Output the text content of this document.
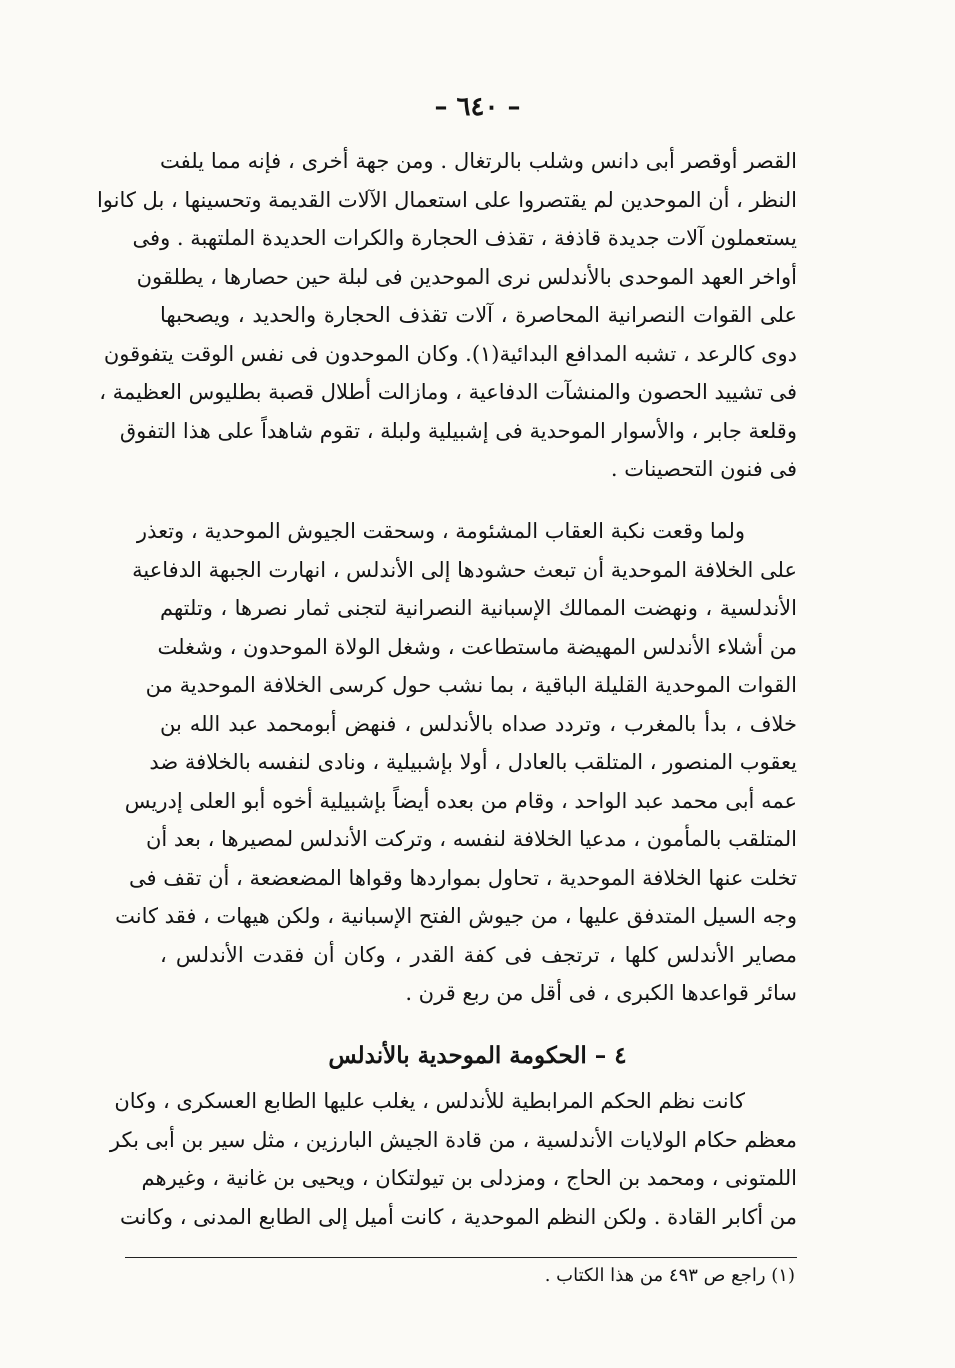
– ٦٤٠ –
القصر أوقصر أبى دانس وشلب بالرتغال . ومن جهة أخرى ، فإنه مما يلفت
النظر ، أن الموحدين لم يقتصروا على استعمال الآلات القديمة وتحسينها ، بل كانوا
يستعملون آلات جديدة قاذفة ، تقذف الحجارة والكرات الحديدة الملتهبة . وفى
أواخر العهد الموحدى بالأندلس نرى الموحدين فى لبلة حين حصارها ، يطلقون
على القوات النصرانية المحاصرة ، آلات تقذف الحجارة والحديد ، ويصحبها
دوى كالرعد ، تشبه المدافع البدائية(١). وكان الموحدون فى نفس الوقت يتفوقون
فى تشييد الحصون والمنشآت الدفاعية ، ومازالت أطلال قصبة بطليوس العظيمة ،
وقلعة جابر ، والأسوار الموحدية فى إشبيلية ولبلة ، تقوم شاهداً على هذا التفوق
فى فنون التحصينات .
ولما وقعت نكبة العقاب المشئومة ، وسحقت الجيوش الموحدية ، وتعذر
على الخلافة الموحدية أن تبعث حشودها إلى الأندلس ، انهارت الجبهة الدفاعية
الأندلسية ، ونهضت الممالك الإسبانية النصرانية لتجنى ثمار نصرها ، وتلتهم
من أشلاء الأندلس المهيضة ماستطاعت ، وشغل الولاة الموحدون ، وشغلت
القوات الموحدية القليلة الباقية ، بما نشب حول كرسى الخلافة الموحدية من
خلاف ، بدأ بالمغرب ، وتردد صداه بالأندلس ، فنهض أبومحمد عبد الله بن
يعقوب المنصور ، المتلقب بالعادل ، أولا بإشبيلية ، ونادى لنفسه بالخلافة ضد
عمه أبى محمد عبد الواحد ، وقام من بعده أيضاً بإشبيلية أخوه أبو العلى إدريس
المتلقب بالمأمون ، مدعيا الخلافة لنفسه ، وتركت الأندلس لمصيرها ، بعد أن
تخلت عنها الخلافة الموحدية ، تحاول بمواردها وقواها المضعضعة ، أن تقف فى
وجه السيل المتدفق عليها ، من جيوش الفتح الإسبانية ، ولكن هيهات ، فقد كانت
مصاير الأندلس كلها ، ترتجف فى كفة القدر ، وكان أن فقدت الأندلس ،
سائر قواعدها الكبرى ، فى أقل من ربع قرن .
٤ – الحكومة الموحدية بالأندلس
كانت نظم الحكم المرابطية للأندلس ، يغلب عليها الطابع العسكرى ، وكان
معظم حكام الولايات الأندلسية ، من قادة الجيش البارزين ، مثل سير بن أبى بكر
اللمتونى ، ومحمد بن الحاج ، ومزدلى بن تيولتكان ، ويحيى بن غانية ، وغيرهم
من أكابر القادة . ولكن النظم الموحدية ، كانت أميل إلى الطابع المدنى ، وكانت
(١) راجع ص ٤٩٣ من هذا الكتاب .
